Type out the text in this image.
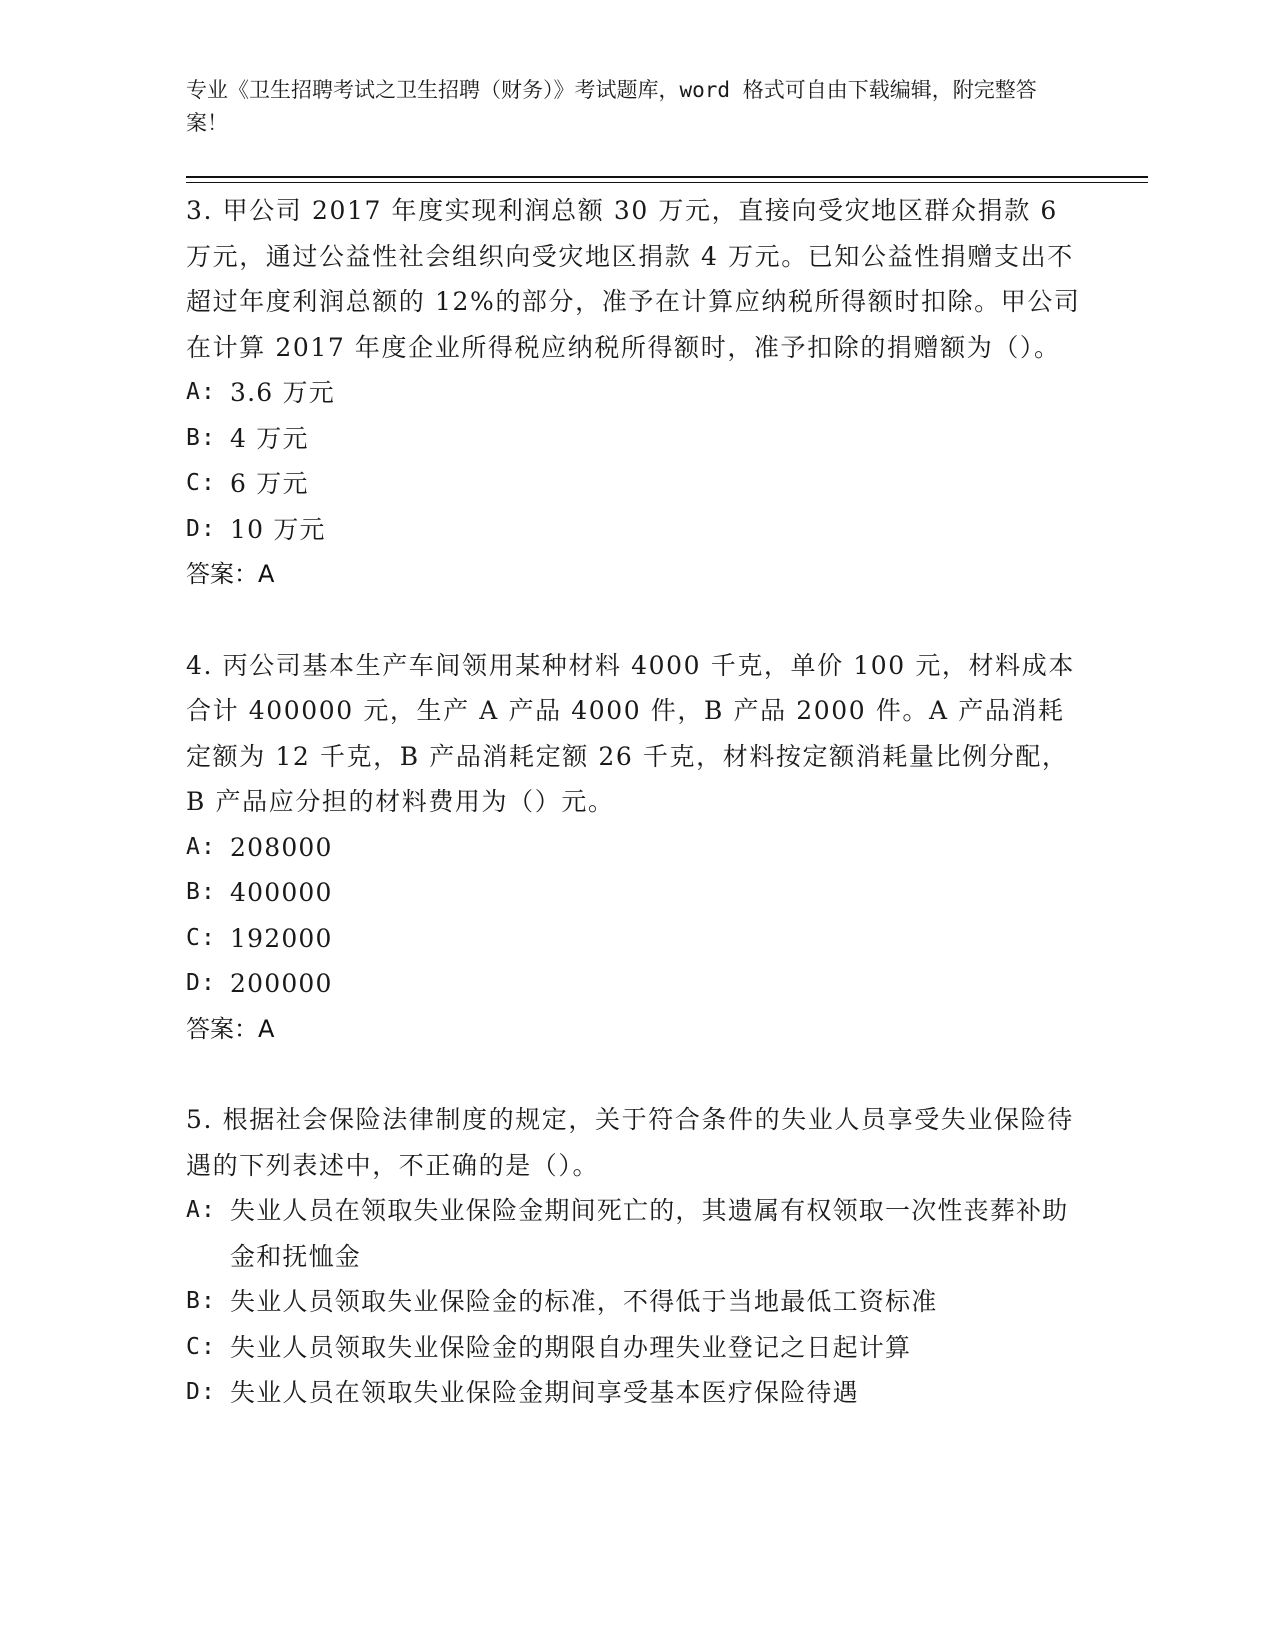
专业《卫生招聘考试之卫生招聘（财务）》考试题库，word 格式可自由下载编辑，附完整答案！

3. 甲公司 2017 年度实现利润总额 30 万元，直接向受灾地区群众捐款 6 万元，通过公益性社会组织向受灾地区捐款 4 万元。已知公益性捐赠支出不超过年度利润总额的 12%的部分，准予在计算应纳税所得额时扣除。甲公司在计算 2017 年度企业所得税应纳税所得额时，准予扣除的捐赠额为（）。

A: 3.6 万元
B: 4 万元
C: 6 万元
D: 10 万元

答案：A

4. 丙公司基本生产车间领用某种材料 4000 千克，单价 100 元，材料成本合计 400000 元，生产 A 产品 4000 件，B 产品 2000 件。A 产品消耗定额为 12 千克，B 产品消耗定额 26 千克，材料按定额消耗量比例分配，B 产品应分担的材料费用为（）元。

A: 208000
B: 400000
C: 192000
D: 200000

答案：A

5. 根据社会保险法律制度的规定，关于符合条件的失业人员享受失业保险待遇的下列表述中，不正确的是（）。

A: 失业人员在领取失业保险金期间死亡的，其遗属有权领取一次性丧葬补助金和抚恤金
B: 失业人员领取失业保险金的标准，不得低于当地最低工资标准
C: 失业人员领取失业保险金的期限自办理失业登记之日起计算
D: 失业人员在领取失业保险金期间享受基本医疗保险待遇
